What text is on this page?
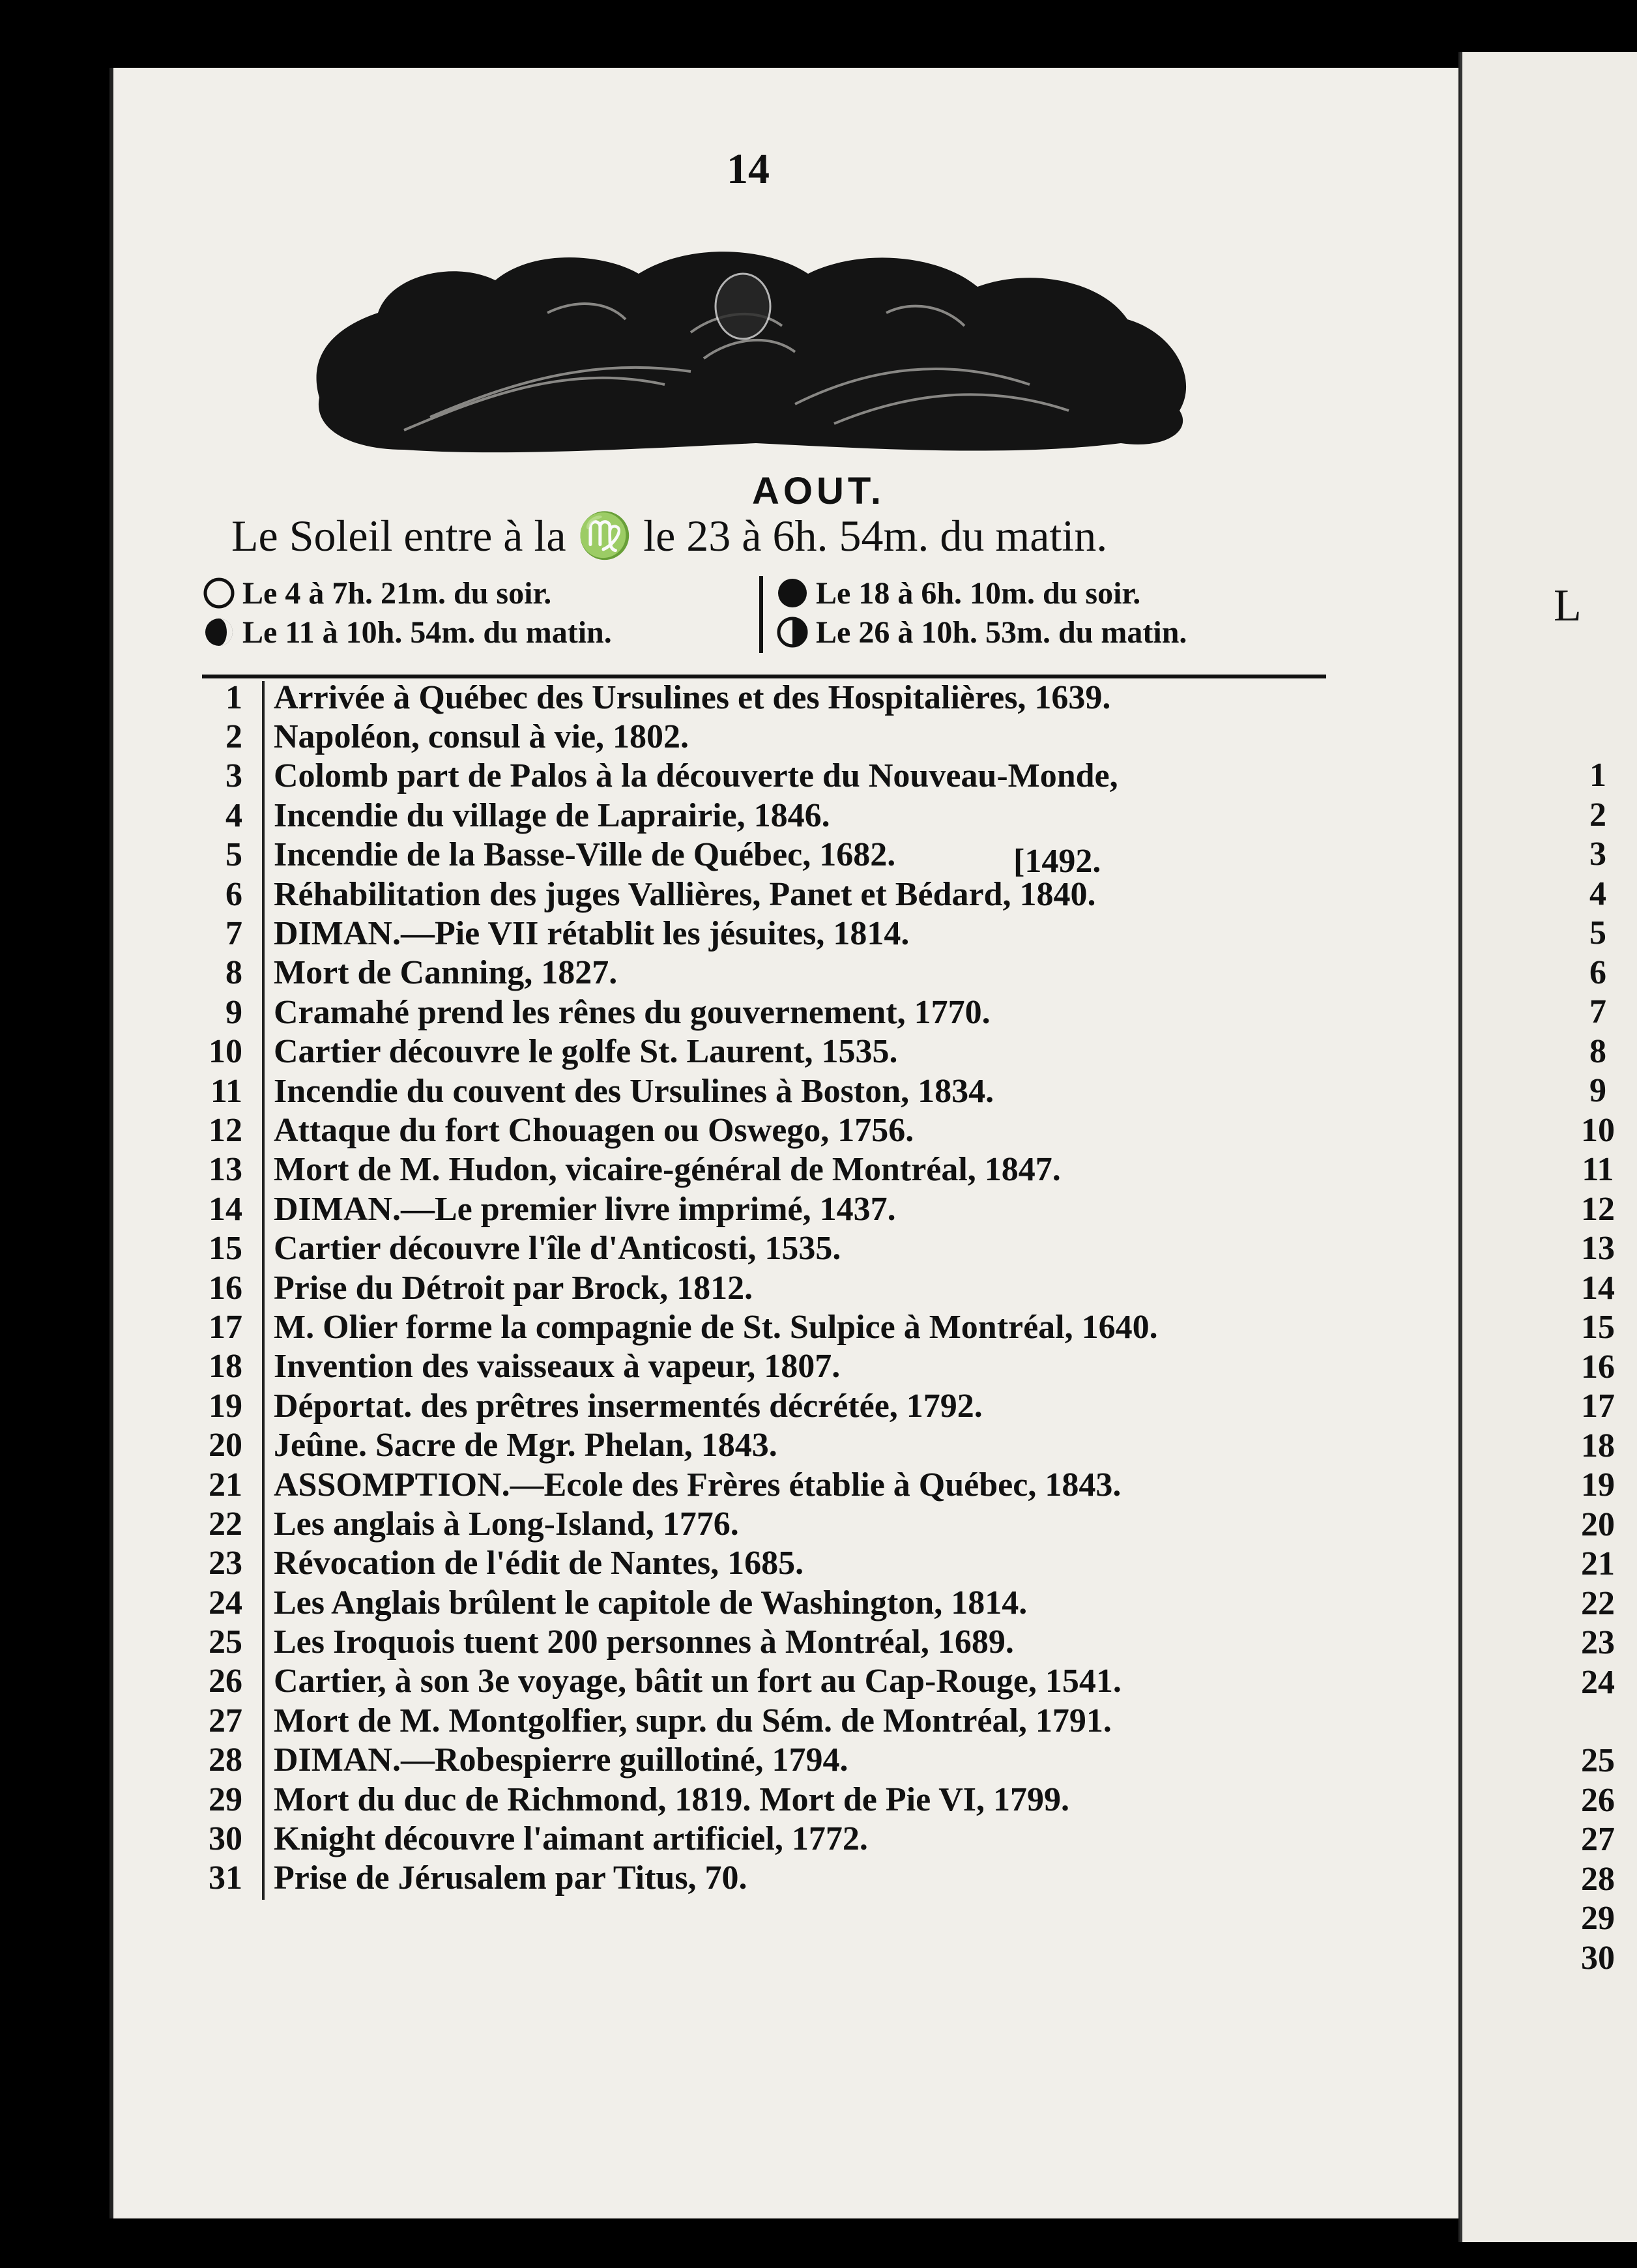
L
1
2
3
4
5
6
7
8
9
10
11
12
13
14
15
16
17
18
19
20
21
22
23
24
25
26
27
28
29
30
14
AOUT.
Le Soleil entre à la ♍ le 23 à 6h. 54m. du matin.
Le 4 à 7h. 21m. du soir.
Le 11 à 10h. 54m. du matin.
Le 18 à 6h. 10m. du soir.
Le 26 à 10h. 53m. du matin.
1 Arrivée à Québec des Ursulines et des Hospitalières, 1639.
2 Napoléon, consul à vie, 1802.
3 Colomb part de Palos à la découverte du Nouveau-Monde,
4 Incendie du village de Laprairie, 1846.
5 Incendie de la Basse-Ville de Québec, 1682.
6 Réhabilitation des juges Vallières, Panet et Bédard, 1840.
7 DIMAN.—Pie VII rétablit les jésuites, 1814.
8 Mort de Canning, 1827.
9 Cramahé prend les rênes du gouvernement, 1770.
10 Cartier découvre le golfe St. Laurent, 1535.
11 Incendie du couvent des Ursulines à Boston, 1834.
12 Attaque du fort Chouagen ou Oswego, 1756.
13 Mort de M. Hudon, vicaire-général de Montréal, 1847.
14 DIMAN.—Le premier livre imprimé, 1437.
15 Cartier découvre l'île d'Anticosti, 1535.
16 Prise du Détroit par Brock, 1812.
17 M. Olier forme la compagnie de St. Sulpice à Montréal, 1640.
18 Invention des vaisseaux à vapeur, 1807.
19 Déportat. des prêtres insermentés décrétée, 1792.
20 Jeûne. Sacre de Mgr. Phelan, 1843.
21 ASSOMPTION.—Ecole des Frères établie à Québec, 1843.
22 Les anglais à Long-Island, 1776.
23 Révocation de l'édit de Nantes, 1685.
24 Les Anglais brûlent le capitole de Washington, 1814.
25 Les Iroquois tuent 200 personnes à Montréal, 1689.
26 Cartier, à son 3e voyage, bâtit un fort au Cap-Rouge, 1541.
27 Mort de M. Montgolfier, supr. du Sém. de Montréal, 1791.
28 DIMAN.—Robespierre guillotiné, 1794.
29 Mort du duc de Richmond, 1819. Mort de Pie VI, 1799.
30 Knight découvre l'aimant artificiel, 1772.
31 Prise de Jérusalem par Titus, 70.
[1492.
